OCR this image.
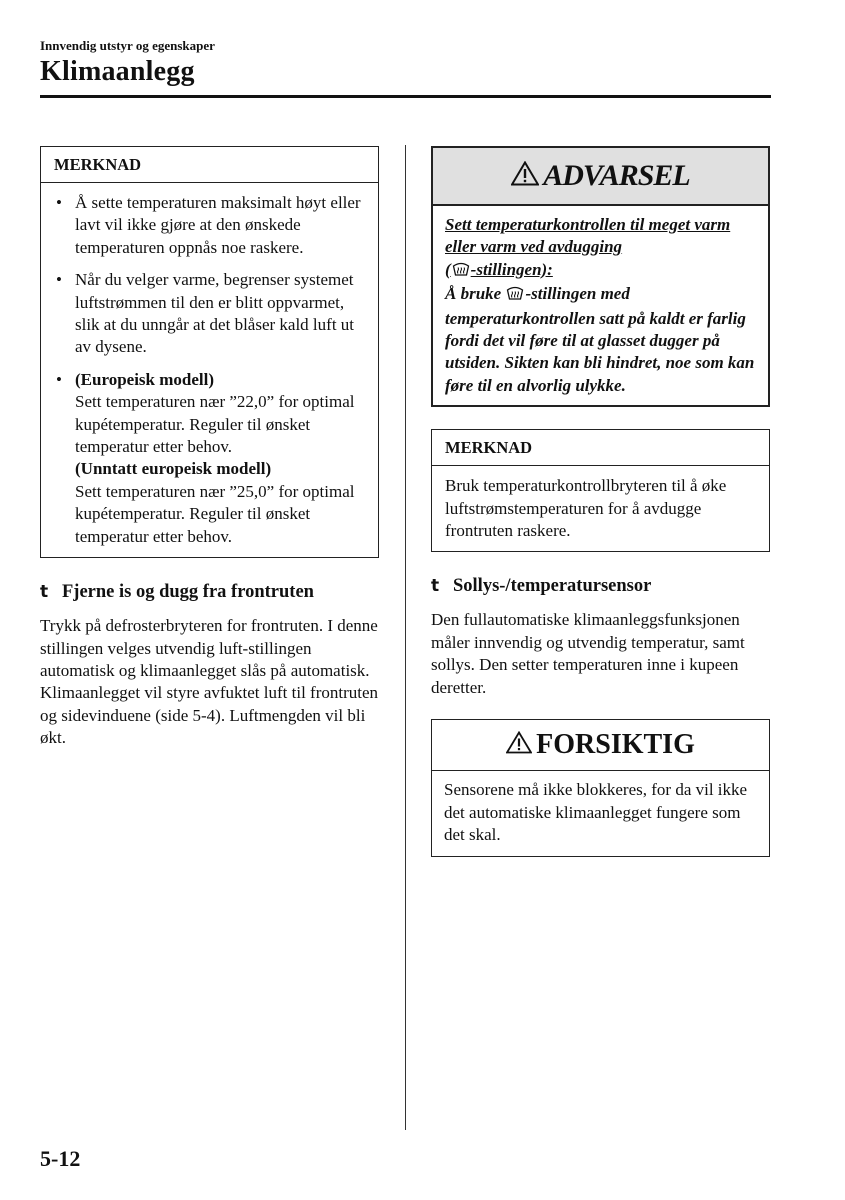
Innvendig utstyr og egenskaper
Klimaanlegg
MERKNAD
• Å sette temperaturen maksimalt høyt eller lavt vil ikke gjøre at den ønskede temperaturen oppnås noe raskere.
• Når du velger varme, begrenser systemet luftstrømmen til den er blitt oppvarmet, slik at du unngår at det blåser kald luft ut av dysene.
• (Europeisk modell)
Sett temperaturen nær ”22,0” for optimal kupétemperatur. Reguler til ønsket temperatur etter behov.
(Unntatt europeisk modell)
Sett temperaturen nær ”25,0” for optimal kupétemperatur. Reguler til ønsket temperatur etter behov.
t Fjerne is og dugg fra frontruten
Trykk på defrosterbryteren for frontruten. I denne stillingen velges utvendig luft-stillingen automatisk og klimaanlegget slås på automatisk. Klimaanlegget vil styre avfuktet luft til frontruten og sidevinduene (side 5-4). Luftmengden vil bli økt.
ADVARSEL
Sett temperaturkontrollen til meget varm eller varm ved avdugging
( -stillingen):
Å bruke -stillingen med temperaturkontrollen satt på kaldt er farlig fordi det vil føre til at glasset dugger på utsiden. Sikten kan bli hindret, noe som kan føre til en alvorlig ulykke.
MERKNAD
Bruk temperaturkontrollbryteren til å øke luftstrømstemperaturen for å avdugge frontruten raskere.
t Sollys-/temperatursensor
Den fullautomatiske klimaanleggsfunksjonen måler innvendig og utvendig temperatur, samt sollys. Den setter temperaturen inne i kupeen deretter.
FORSIKTIG
Sensorene må ikke blokkeres, for da vil ikke det automatiske klimaanlegget fungere som det skal.
5-12
